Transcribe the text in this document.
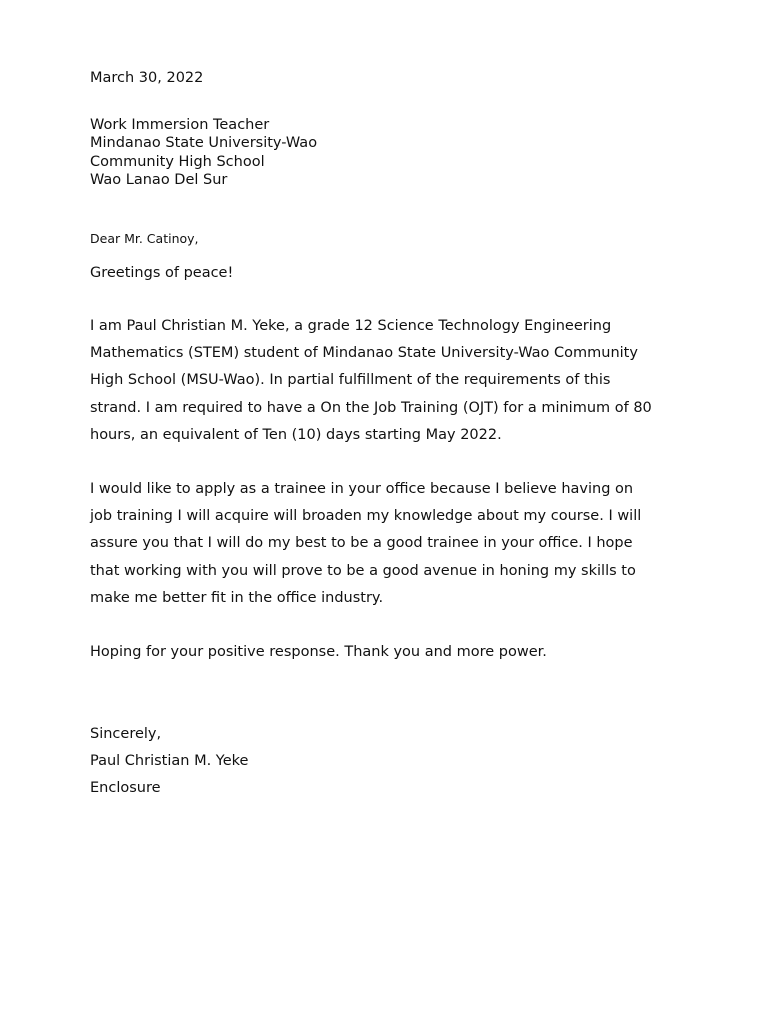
March 30, 2022
Work Immersion Teacher
Mindanao State University-Wao
Community High School
Wao Lanao Del Sur
Dear Mr. Catinoy,
Greetings of peace!
I am Paul Christian M. Yeke, a grade 12 Science Technology Engineering
Mathematics (STEM) student of Mindanao State University-Wao Community
High School (MSU-Wao). In partial fulfillment of the requirements of this
strand. I am required to have a On the Job Training (OJT) for a minimum of 80
hours, an equivalent of Ten (10) days starting May 2022.
I would like to apply as a trainee in your office because I believe having on
job training I will acquire will broaden my knowledge about my course. I will
assure you that I will do my best to be a good trainee in your office. I hope
that working with you will prove to be a good avenue in honing my skills to
make me better fit in the office industry.
Hoping for your positive response. Thank you and more power.
Sincerely,
Paul Christian M. Yeke
Enclosure
